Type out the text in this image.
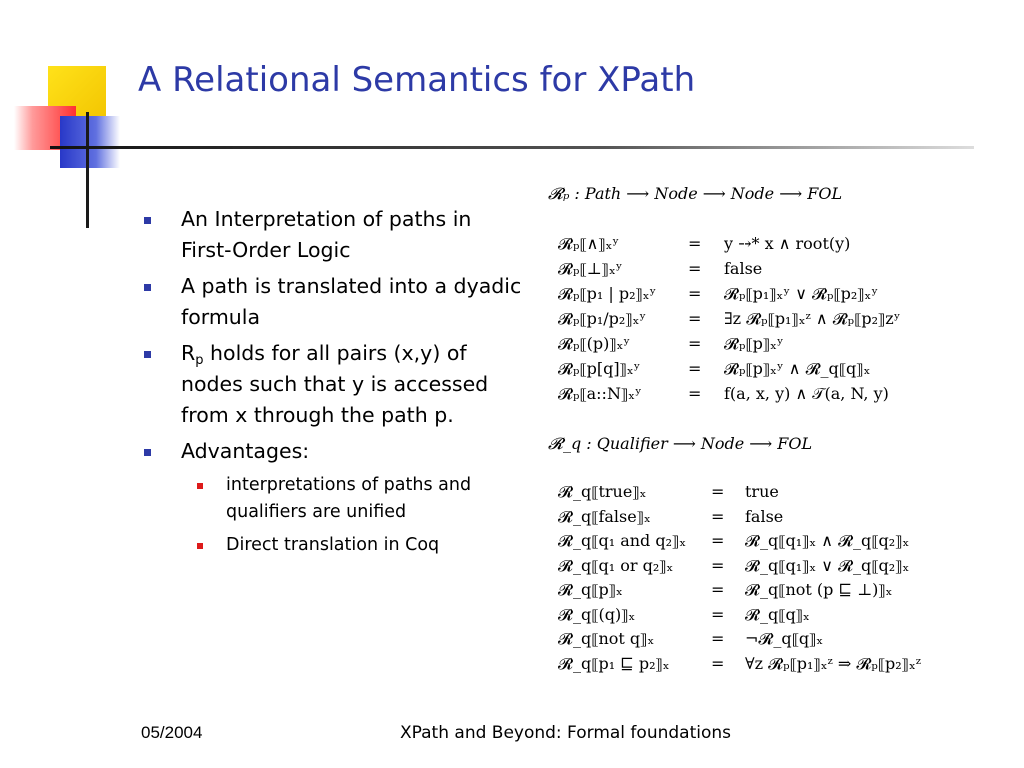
A Relational Semantics for XPath
An Interpretation of paths in First-Order Logic
A path is translated into a dyadic formula
$R_p$ holds for all pairs (x,y) of nodes such that y is accessed from x through the path p.
Advantages:
interpretations of paths and qualifiers are unified
Direct translation in Coq
𝓡ₚ : Path ⟶ Node ⟶ Node ⟶ FOL
𝓡ₚ⟦∧⟧ₓʸ	= y ⤍* x ∧ root(y)
𝓡ₚ⟦⊥⟧ₓʸ	= false
𝓡ₚ⟦p₁ | p₂⟧ₓʸ = 𝓡ₚ⟦p₁⟧ₓʸ ∨ 𝓡ₚ⟦p₂⟧ₓʸ
𝓡ₚ⟦p₁/p₂⟧ₓʸ	= ∃z 𝓡ₚ⟦p₁⟧ₓᶻ ∧ 𝓡ₚ⟦p₂⟧zʸ
𝓡ₚ⟦(p)⟧ₓʸ	= 𝓡ₚ⟦p⟧ₓʸ
𝓡ₚ⟦p[q]⟧ₓʸ	= 𝓡ₚ⟦p⟧ₓʸ ∧ 𝓡_q⟦q⟧ₓ
𝓡ₚ⟦a::N⟧ₓʸ	= f(a, x, y) ∧ 𝒯(a, N, y)
𝓡_q : Qualifier ⟶ Node ⟶ FOL
𝓡_q⟦true⟧ₓ	= true
𝓡_q⟦false⟧ₓ	= false
𝓡_q⟦q₁ and q₂⟧ₓ = 𝓡_q⟦q₁⟧ₓ ∧ 𝓡_q⟦q₂⟧ₓ
𝓡_q⟦q₁ or q₂⟧ₓ = 𝓡_q⟦q₁⟧ₓ ∨ 𝓡_q⟦q₂⟧ₓ
𝓡_q⟦p⟧ₓ	= 𝓡_q⟦not (p ⊑ ⊥)⟧ₓ
𝓡_q⟦(q)⟧ₓ	= 𝓡_q⟦q⟧ₓ
𝓡_q⟦not q⟧ₓ	= ¬𝓡_q⟦q⟧ₓ
𝓡_q⟦p₁ ⊑ p₂⟧ₓ	= ∀z 𝓡ₚ⟦p₁⟧ₓᶻ ⇒ 𝓡ₚ⟦p₂⟧ₓᶻ
05/2004	XPath and Beyond: Formal foundations
